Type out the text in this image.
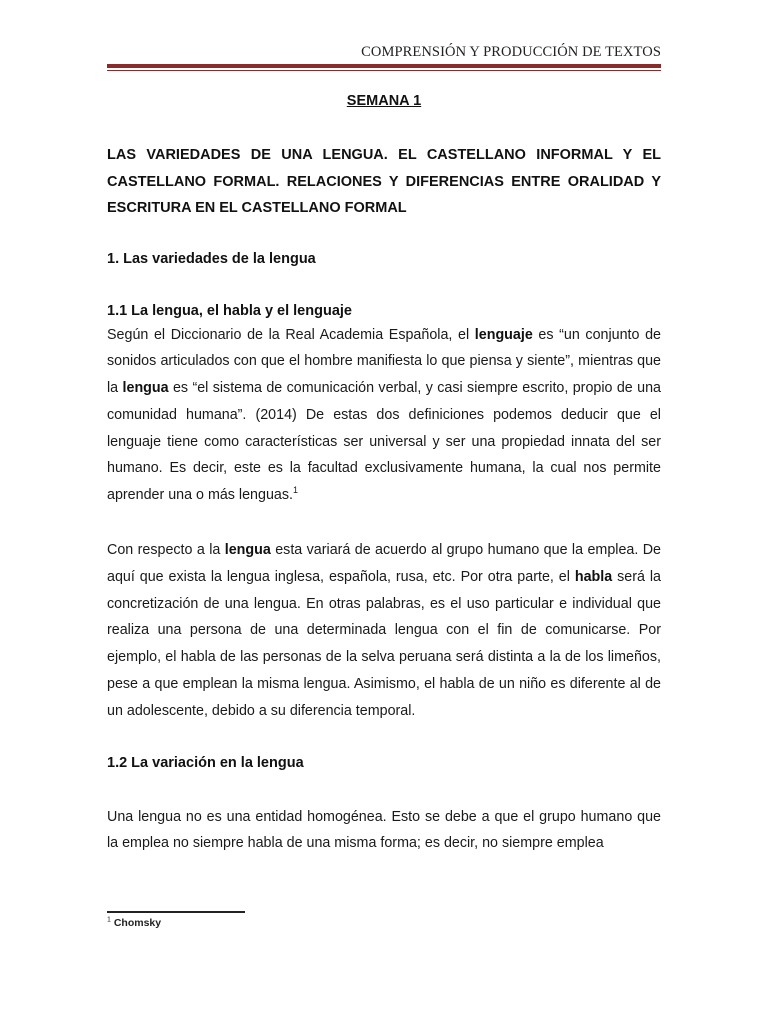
COMPRENSIÓN Y PRODUCCIÓN DE TEXTOS
SEMANA 1
LAS VARIEDADES DE UNA LENGUA. EL CASTELLANO INFORMAL Y EL CASTELLANO FORMAL. RELACIONES Y DIFERENCIAS ENTRE ORALIDAD Y ESCRITURA EN EL CASTELLANO FORMAL
1. Las variedades de la lengua
1.1 La lengua, el habla y el lenguaje

Según el Diccionario de la Real Academia Española, el lenguaje es “un conjunto de sonidos articulados con que el hombre manifiesta lo que piensa y siente”, mientras que la lengua es “el sistema de comunicación verbal, y casi siempre escrito, propio de una comunidad humana”. (2014) De estas dos definiciones podemos deducir que el lenguaje tiene como características ser universal y ser una propiedad innata del ser humano. Es decir, este es la facultad exclusivamente humana, la cual nos permite aprender una o más lenguas.$^1$

Con respecto a la lengua esta variará de acuerdo al grupo humano que la emplea. De aquí que exista la lengua inglesa, española, rusa, etc. Por otra parte, el habla será la concretización de una lengua. En otras palabras, es el uso particular e individual que realiza una persona de una determinada lengua con el fin de comunicarse. Por ejemplo, el habla de las personas de la selva peruana será distinta a la de los limeños, pese a que emplean la misma lengua. Asimismo, el habla de un niño es diferente al de un adolescente, debido a su diferencia temporal.

1.2 La variación en la lengua

Una lengua no es una entidad homogénea. Esto se debe a que el grupo humano que la emplea no siempre habla de una misma forma; es decir, no siempre emplea

$^1$ Chomsky
